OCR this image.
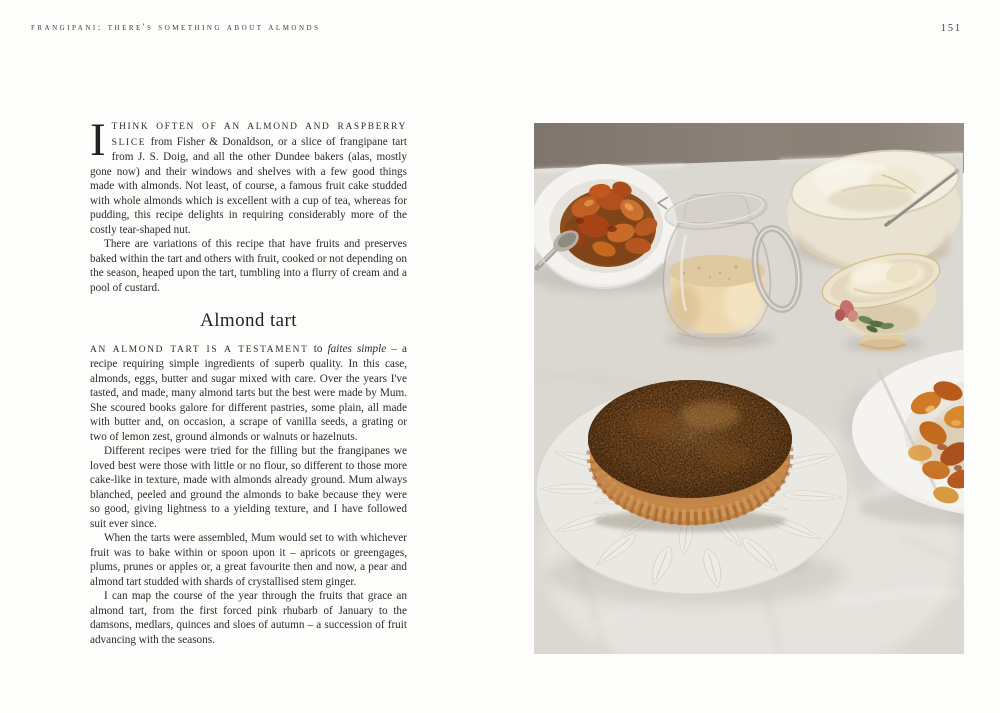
frangipani: there's something about almonds	151

ITHINK OFTEN OF AN ALMOND AND RASPBERRY SLICE from Fisher & Donaldson, or a slice of frangipane tart from J. S. Doig, and all the other Dundee bakers (alas, mostly gone now) and their windows and shelves with a few good things made with almonds. Not least, of course, a famous fruit cake studded with whole almonds which is excellent with a cup of tea, whereas for pudding, this recipe delights in requiring considerably more of the costly tear-shaped nut.

There are variations of this recipe that have fruits and preserves baked within the tart and others with fruit, cooked or not depending on the season, heaped upon the tart, tumbling into a flurry of cream and a pool of custard.

Almond tart

AN ALMOND TART IS A TESTAMENT to faites simple – a recipe requiring simple ingredients of superb quality. In this case, almonds, eggs, butter and sugar mixed with care. Over the years I've tasted, and made, many almond tarts but the best were made by Mum. She scoured books galore for different pastries, some plain, all made with butter and, on occasion, a scrape of vanilla seeds, a grating or two of lemon zest, ground almonds or walnuts or hazelnuts.

Different recipes were tried for the filling but the frangipanes we loved best were those with little or no flour, so different to those more cake-like in texture, made with almonds already ground. Mum always blanched, peeled and ground the almonds to bake because they were so good, giving lightness to a yielding texture, and I have followed suit ever since.

When the tarts were assembled, Mum would set to with whichever fruit was to bake within or spoon upon it – apricots or greengages, plums, prunes or apples or, a great favourite then and now, a pear and almond tart studded with shards of crystallised stem ginger.

I can map the course of the year through the fruits that grace an almond tart, from the first forced pink rhubarb of January to the damsons, medlars, quinces and sloes of autumn – a succession of fruit advancing with the seasons.
